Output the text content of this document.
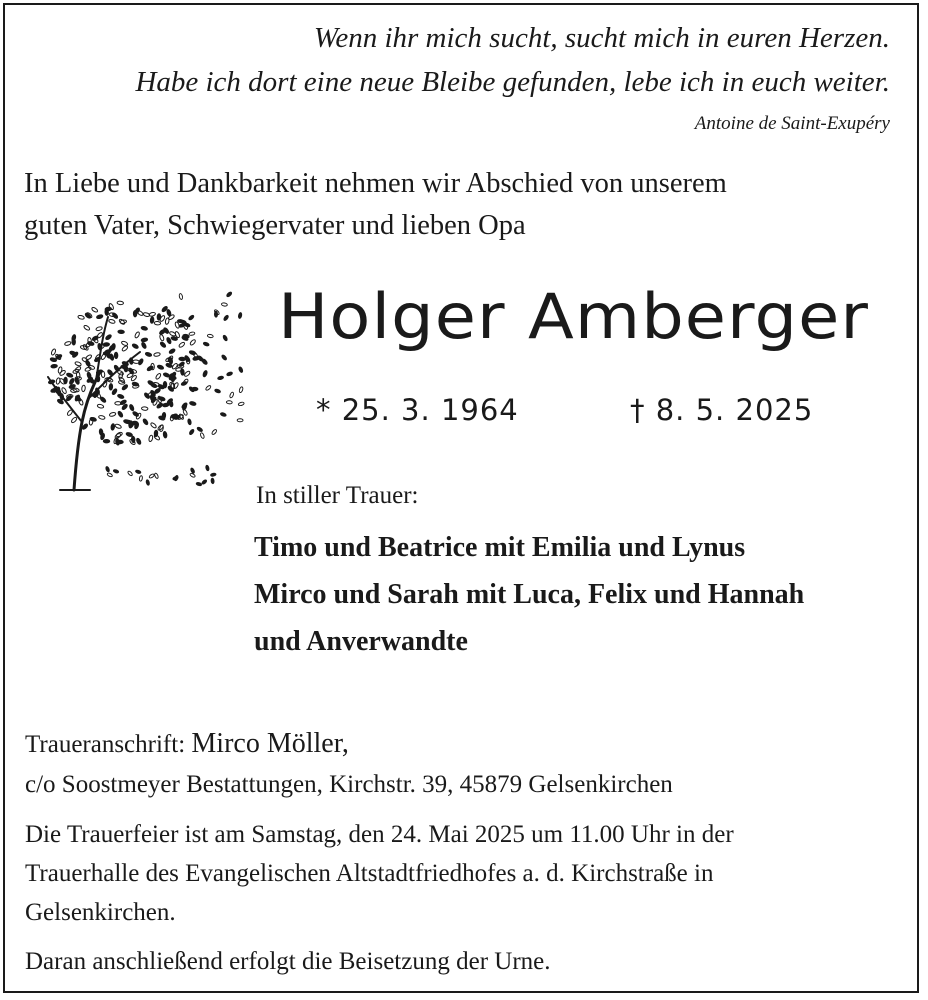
Wenn ihr mich sucht, sucht mich in euren Herzen.
Habe ich dort eine neue Bleibe gefunden, lebe ich in euch weiter.
Antoine de Saint-Exupéry
In Liebe und Dankbarkeit nehmen wir Abschied von unserem
guten Vater, Schwiegervater und lieben Opa
Holger Amberger
* 25. 3. 1964	† 8. 5. 2025
In stiller Trauer:
Timo und Beatrice mit Emilia und Lynus
Mirco und Sarah mit Luca, Felix und Hannah
und Anverwandte
Traueranschrift: Mirco Möller,
c/o Soostmeyer Bestattungen, Kirchstr. 39, 45879 Gelsenkirchen
Die Trauerfeier ist am Samstag, den 24. Mai 2025 um 11.00 Uhr in der
Trauerhalle des Evangelischen Altstadtfriedhofes a. d. Kirchstraße in
Gelsenkirchen.
Daran anschließend erfolgt die Beisetzung der Urne.
